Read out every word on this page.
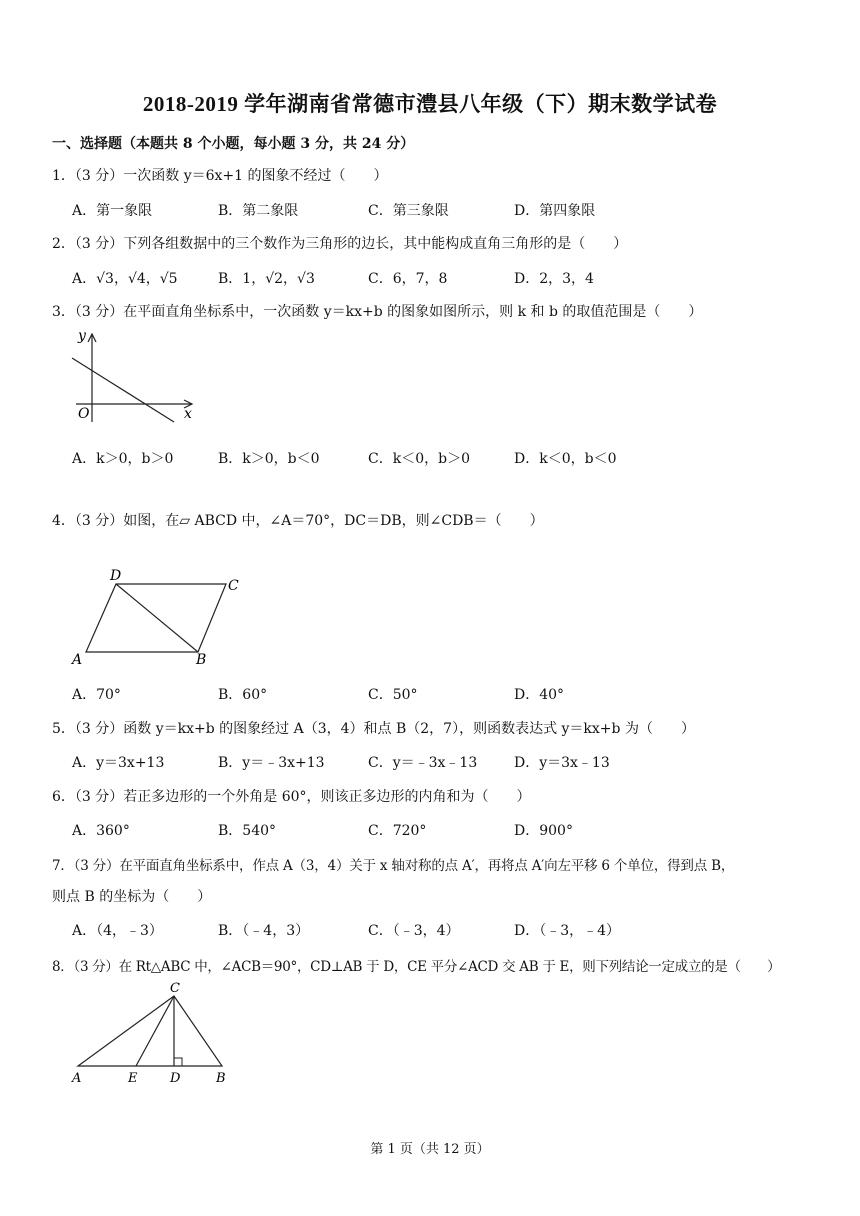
2018-2019 学年湖南省常德市澧县八年级（下）期末数学试卷
一、选择题（本题共 8 个小题，每小题 3 分，共 24 分）
1．（3 分）一次函数 y＝6x+1 的图象不经过（　　）
A．第一象限	B．第二象限	C．第三象限	D．第四象限
2．（3 分）下列各组数据中的三个数作为三角形的边长，其中能构成直角三角形的是（　　）
A．√3，√4，√5	B．1，√2，√3	C．6，7，8	D．2，3，4
3．（3 分）在平面直角坐标系中，一次函数 y＝kx+b 的图象如图所示，则 k 和 b 的取值范围是（　　）
y
O	x
A．k＞0，b＞0	B．k＞0，b＜0	C．k＜0，b＞0	D．k＜0，b＜0
4．（3 分）如图，在▱ ABCD 中，∠A＝70°，DC＝DB，则∠CDB＝（　　）
D
C
A	B
A．70°	B．60°	C．50°	D．40°
5．（3 分）函数 y＝kx+b 的图象经过 A（3，4）和点 B（2，7），则函数表达式 y＝kx+b 为（　　）
A．y＝3x+13	B．y＝﹣3x+13	C．y＝﹣3x﹣13	D．y＝3x﹣13
6．（3 分）若正多边形的一个外角是 60°，则该正多边形的内角和为（　　）
A．360°	B．540°	C．720°	D．900°
7．（3 分）在平面直角坐标系中，作点 A（3，4）关于 x 轴对称的点 A′，再将点 A′向左平移 6 个单位，得到点 B，
则点 B 的坐标为（　　）
A．（4，﹣3）	B．（﹣4，3）	C．（﹣3，4）	D．（﹣3，﹣4）
8．（3 分）在 Rt△ABC 中，∠ACB＝90°，CD⊥AB 于 D，CE 平分∠ACD 交 AB 于 E，则下列结论一定成立的是（　　）
C
A	E	D	B
第 1 页（共 12 页）
